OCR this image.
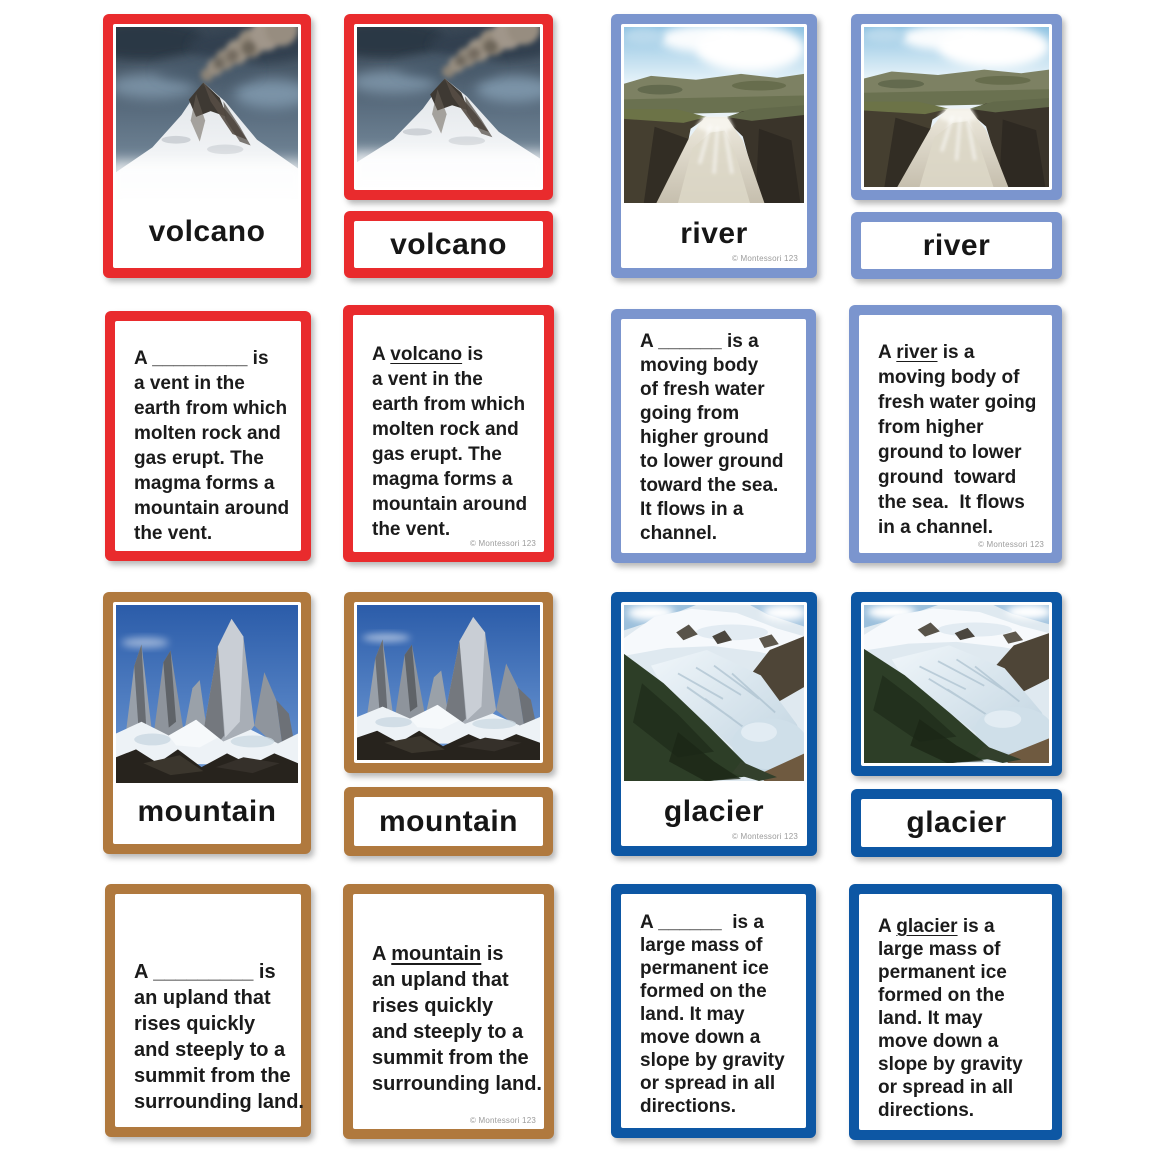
volcano	volcano
A _________ is
a vent in the
earth from which
molten rock and
gas erupt. The
magma forms a
mountain around
the vent.
A volcano is
a vent in the
earth from which
molten rock and
gas erupt. The
magma forms a
mountain around
the vent.
© Montessori 123
river
© Montessori 123	river
A ______ is a
moving body
of fresh water
going from
higher ground
to lower ground
toward the sea.
It flows in a
channel.
A river is a
moving body of
fresh water going
from higher
ground to lower
ground  toward
the sea.  It flows
in a channel.
© Montessori 123
mountain	mountain
A _________ is
an upland that
rises quickly
and steeply to a
summit from the
surrounding land.
A mountain is
an upland that
rises quickly
and steeply to a
summit from the
surrounding land.
© Montessori 123
glacier
© Montessori 123	glacier
A ______  is a
large mass of
permanent ice
formed on the
land. It may
move down a
slope by gravity
or spread in all
directions.
A glacier is a
large mass of
permanent ice
formed on the
land. It may
move down a
slope by gravity
or spread in all
directions.
